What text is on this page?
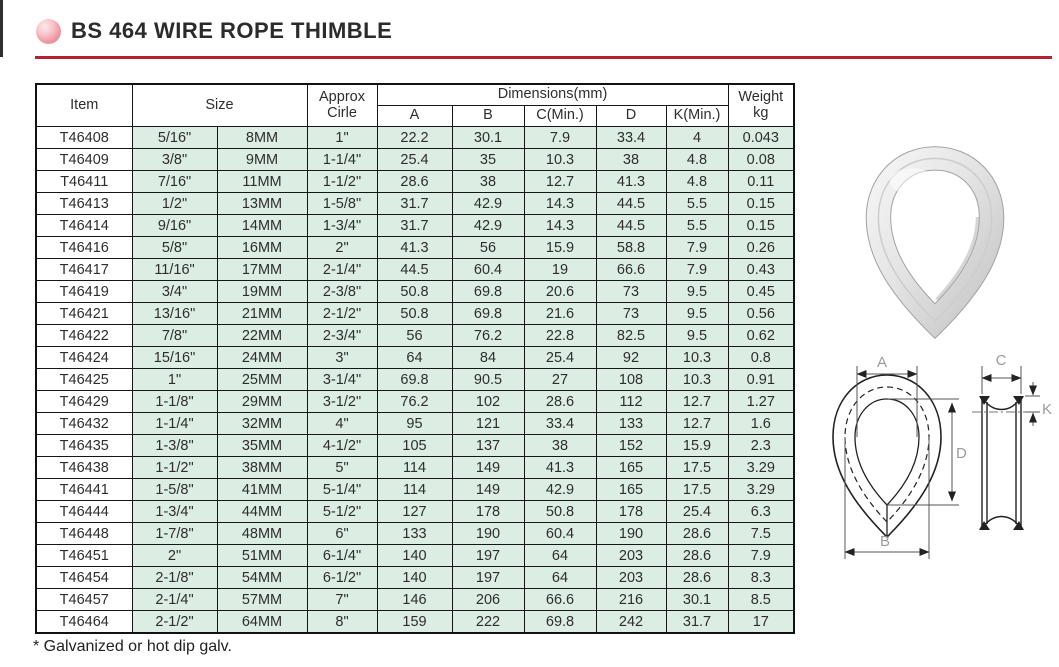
BS 464 WIRE ROPE THIMBLE
Item	Size	Approx
Cirle
	Dimensions(mm)	Weight
kg

				A	B	C(Min.)	D	K(Min.)	
T46408	5/16"	8MM	1"	22.2	30.1	7.9	33.4	4	0.043
T46409	3/8"	9MM	1-1/4"	25.4	35	10.3	38	4.8	0.08
T46411	7/16"	11MM	1-1/2"	28.6	38	12.7	41.3	4.8	0.11
T46413	1/2"	13MM	1-5/8"	31.7	42.9	14.3	44.5	5.5	0.15
T46414	9/16"	14MM	1-3/4"	31.7	42.9	14.3	44.5	5.5	0.15
T46416	5/8"	16MM	2"	41.3	56	15.9	58.8	7.9	0.26
T46417	11/16"	17MM	2-1/4"	44.5	60.4	19	66.6	7.9	0.43
T46419	3/4"	19MM	2-3/8"	50.8	69.8	20.6	73	9.5	0.45
T46421	13/16"	21MM	2-1/2"	50.8	69.8	21.6	73	9.5	0.56
T46422	7/8"	22MM	2-3/4"	56	76.2	22.8	82.5	9.5	0.62
T46424	15/16"	24MM	3"	64	84	25.4	92	10.3	0.8
T46425	1"	25MM	3-1/4"	69.8	90.5	27	108	10.3	0.91
T46429	1-1/8"	29MM	3-1/2"	76.2	102	28.6	112	12.7	1.27
T46432	1-1/4"	32MM	4"	95	121	33.4	133	12.7	1.6
T46435	1-3/8"	35MM	4-1/2"	105	137	38	152	15.9	2.3
T46438	1-1/2"	38MM	5"	114	149	41.3	165	17.5	3.29
T46441	1-5/8"	41MM	5-1/4"	114	149	42.9	165	17.5	3.29
T46444	1-3/4"	44MM	5-1/2"	127	178	50.8	178	25.4	6.3
T46448	1-7/8"	48MM	6"	133	190	60.4	190	28.6	7.5
T46451	2"	51MM	6-1/4"	140	197	64	203	28.6	7.9
T46454	2-1/8"	54MM	6-1/2"	140	197	64	203	28.6	8.3
T46457	2-1/4"	57MM	7"	146	206	66.6	216	30.1	8.5
T46464	2-1/2"	64MM	8"	159	222	69.8	242	31.7	17
* Galvanized or hot dip galv.
A
B
D
C
K
